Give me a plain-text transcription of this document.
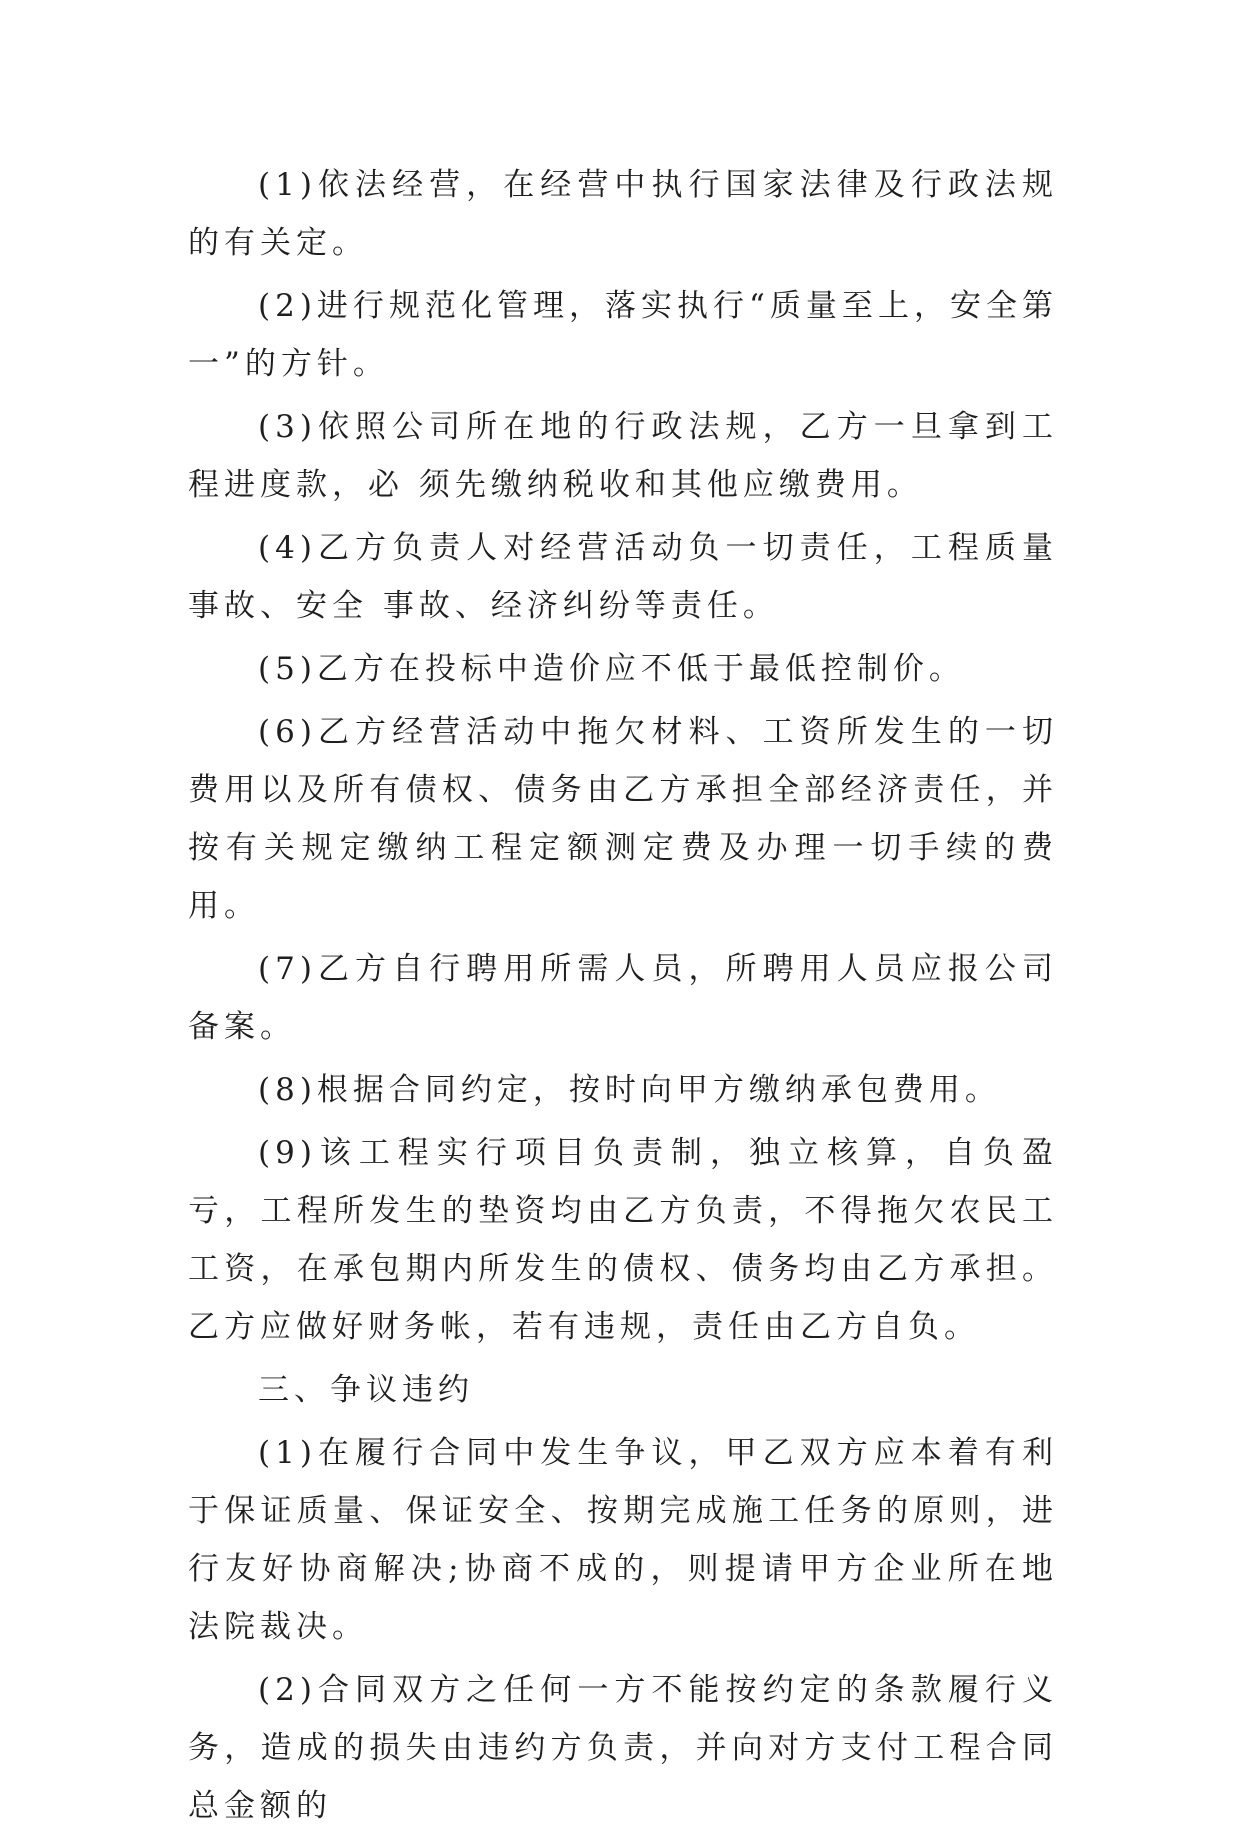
(1)依法经营，在经营中执行国家法律及行政法规的有关定。

(2)进行规范化管理，落实执行“质量至上，安全第一”的方针。

(3)依照公司所在地的行政法规，乙方一旦拿到工程进度款，必 须先缴纳税收和其他应缴费用。

(4)乙方负责人对经营活动负一切责任，工程质量事故、安全 事故、经济纠纷等责任。

(5)乙方在投标中造价应不低于最低控制价。

(6)乙方经营活动中拖欠材料、工资所发生的一切费用以及所有债权、债务由乙方承担全部经济责任，并按有关规定缴纳工程定额测定费及办理一切手续的费用。

(7)乙方自行聘用所需人员，所聘用人员应报公司备案。

(8)根据合同约定，按时向甲方缴纳承包费用。

(9)该工程实行项目负责制，独立核算，自负盈亏，工程所发生的垫资均由乙方负责，不得拖欠农民工工资，在承包期内所发生的债权、债务均由乙方承担。乙方应做好财务帐，若有违规，责任由乙方自负。

三、争议违约

(1)在履行合同中发生争议，甲乙双方应本着有利于保证质量、保证安全、按期完成施工任务的原则，进行友好协商解决;协商不成的，则提请甲方企业所在地法院裁决。

(2)合同双方之任何一方不能按约定的条款履行义务，造成的损失由违约方负责，并向对方支付工程合同总金额的
